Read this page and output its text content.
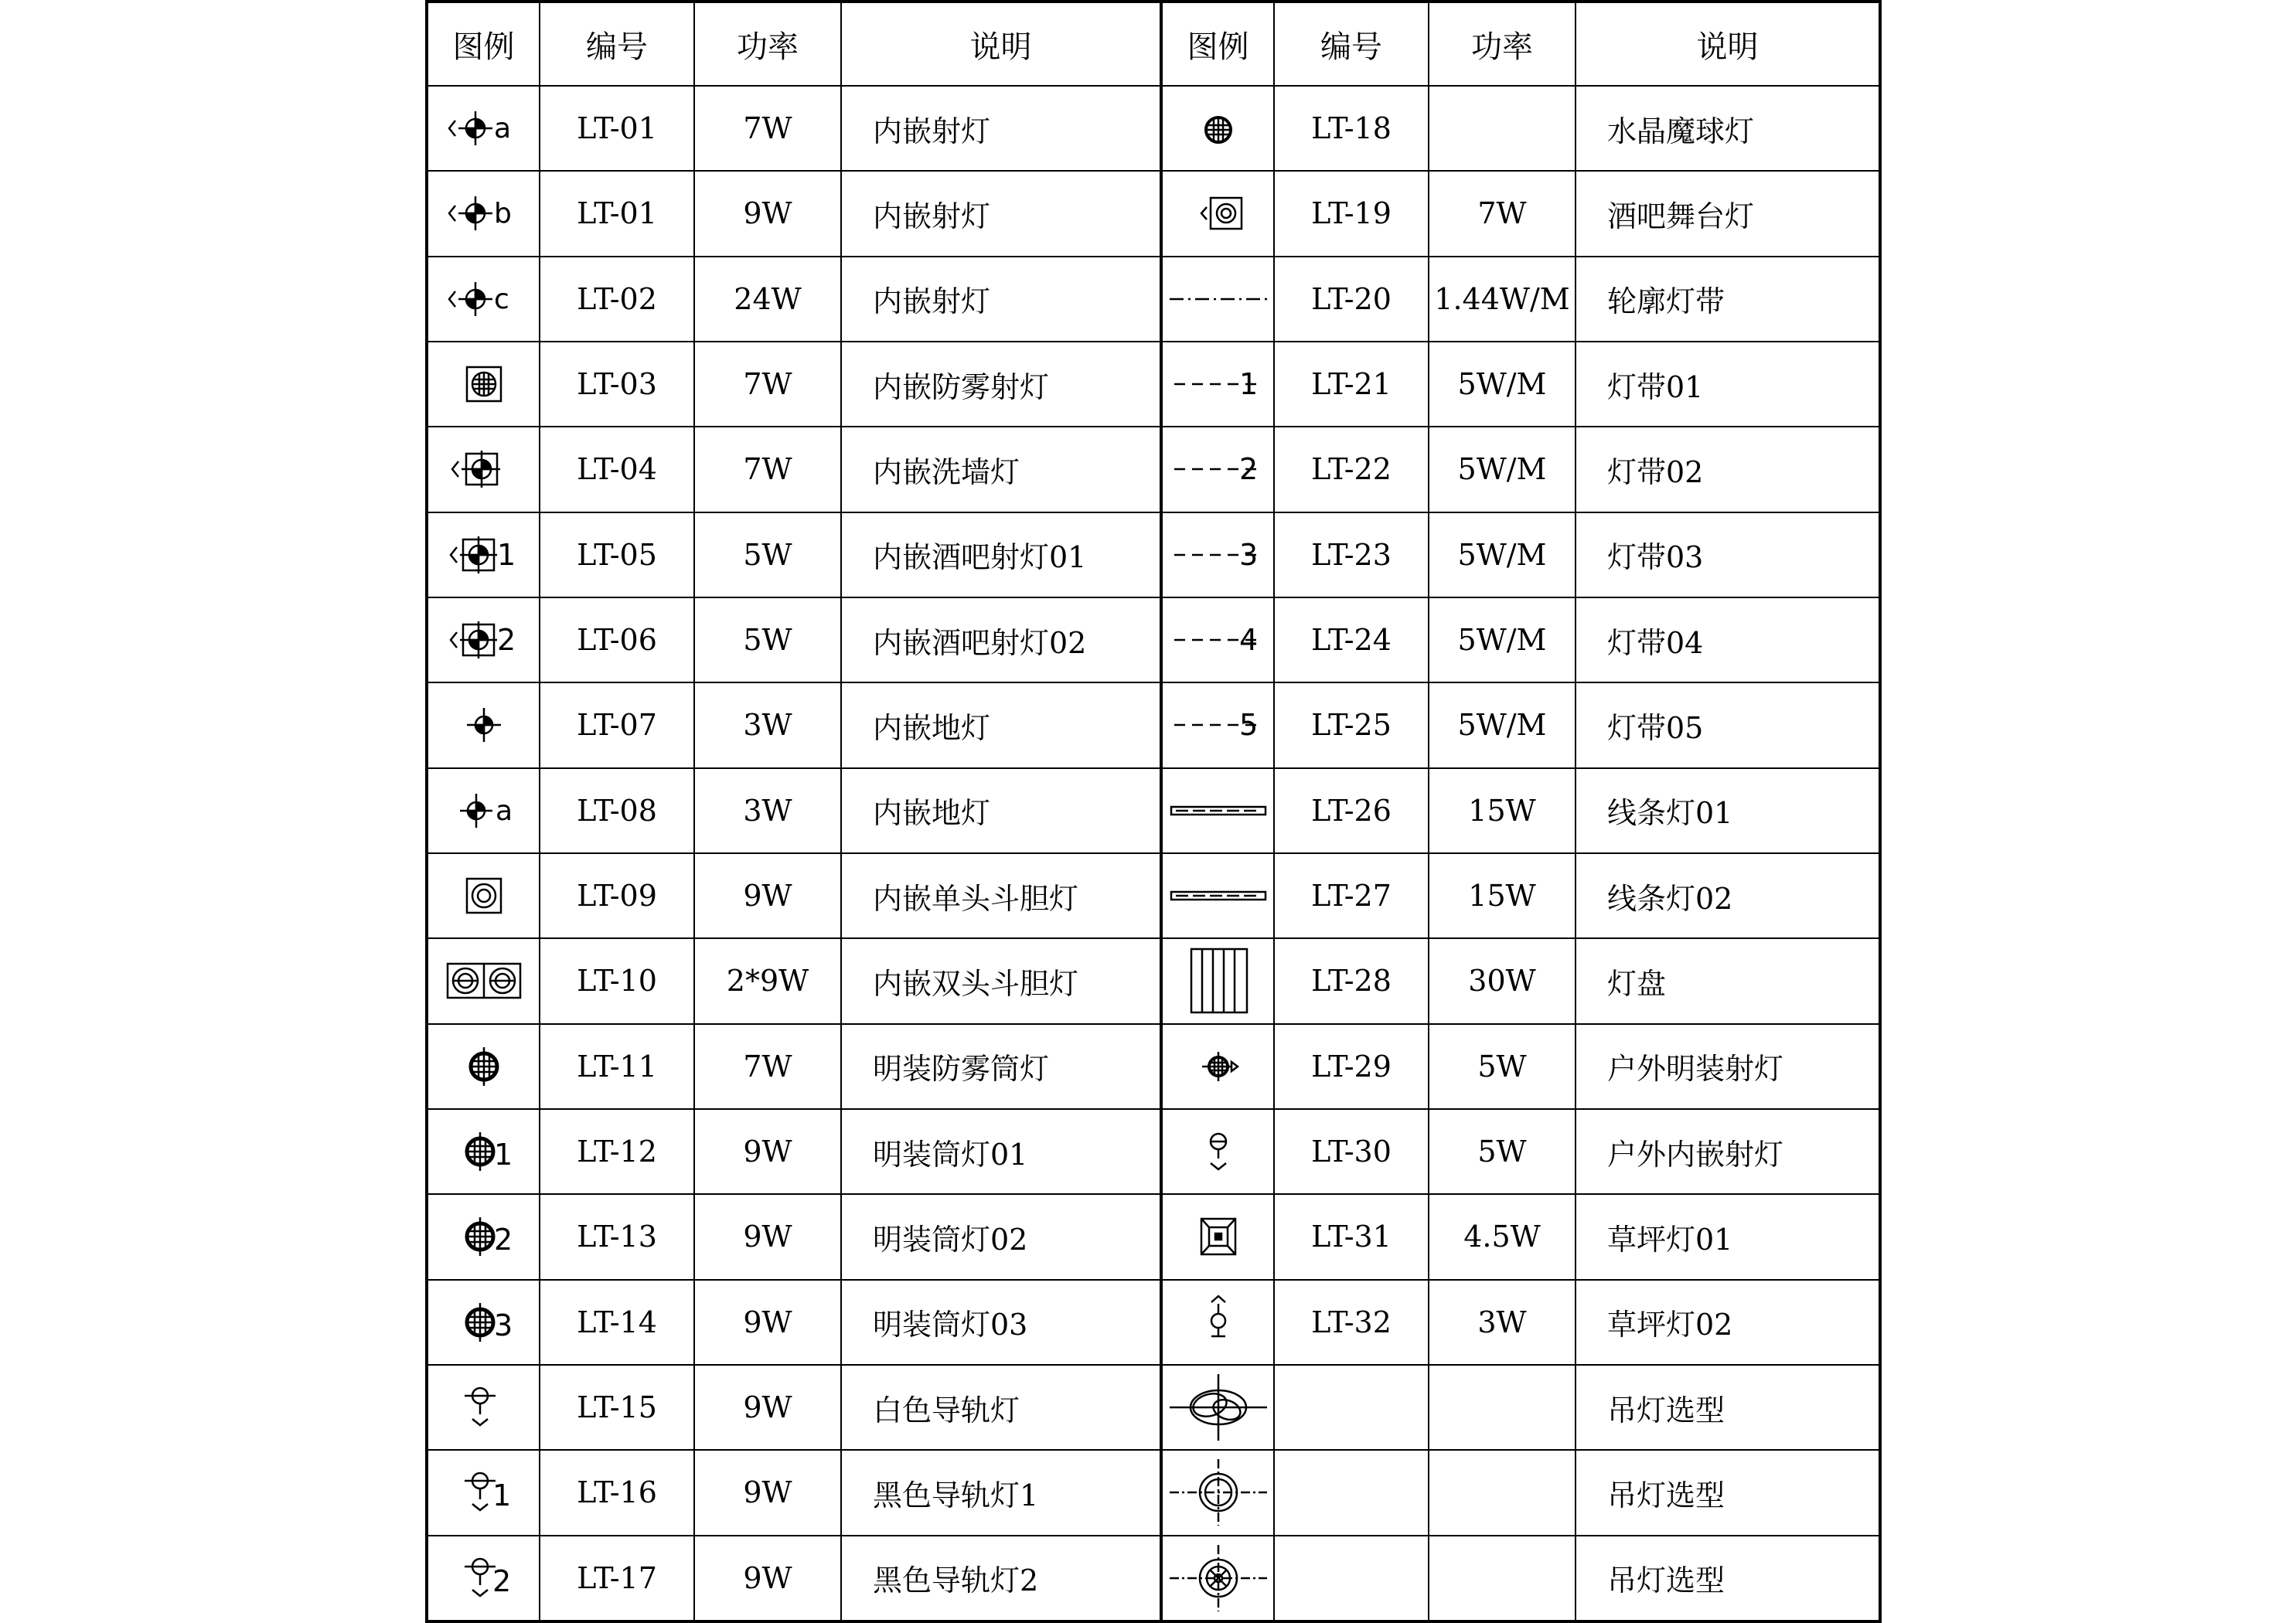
图例	编号	功率	说明

a	LT-01	7W	内嵌射灯

b	LT-01	9W	内嵌射灯

c	LT-02	24W	内嵌射灯

	LT-03	7W	内嵌防雾射灯

	LT-04	7W	内嵌洗墙灯

1	LT-05	5W	内嵌酒吧射灯01

2	LT-06	5W	内嵌酒吧射灯02

	LT-07	3W	内嵌地灯

a	LT-08	3W	内嵌地灯

	LT-09	9W	内嵌单头斗胆灯

	LT-10	2*9W	内嵌双头斗胆灯

	LT-11	7W	明装防雾筒灯

1	LT-12	9W	明装筒灯01

2	LT-13	9W	明装筒灯02

3	LT-14	9W	明装筒灯03

	LT-15	9W	白色导轨灯

1	LT-16	9W	黑色导轨灯1

2	LT-17	9W	黑色导轨灯2
图例	编号	功率	说明

	LT-18		水晶魔球灯

	LT-19	7W	酒吧舞台灯

	LT-20	1.44W/M	轮廓灯带

1	LT-21	5W/M	灯带01

2	LT-22	5W/M	灯带02

3	LT-23	5W/M	灯带03

4	LT-24	5W/M	灯带04

5	LT-25	5W/M	灯带05

	LT-26	15W	线条灯01

	LT-27	15W	线条灯02

	LT-28	30W	灯盘

	LT-29	5W	户外明装射灯

	LT-30	5W	户外内嵌射灯

	LT-31	4.5W	草坪灯01

	LT-32	3W	草坪灯02

			吊灯选型

			吊灯选型

			吊灯选型
